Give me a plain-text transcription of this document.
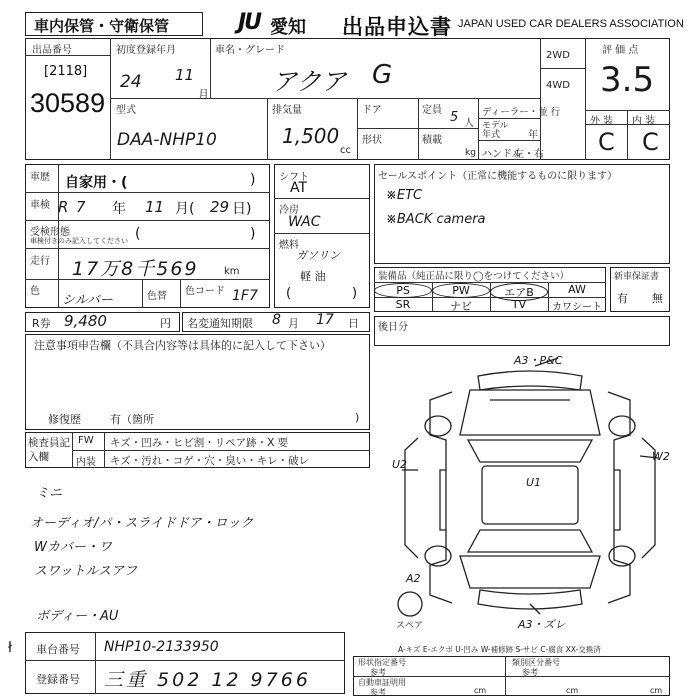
車内保管・守衛保管	JU 愛知 出品申込書 JAPAN USED CAR DEALERS ASSOCIATION
出品番号
[2118]
30589
初度登録年月
24 11
月
車名・グレード
アクア G
2WD
4WD
評 価 点
3.5
外 装 内 装
C C
型式
DAA-NHP10
排気量
1,500
cc
ドア
形状
定員 5 人
積載
kg
ディーラー・並 行
モデル年式	年
ハンドル
左・右
車歴 自家用・(	)
車検 R 7 年 11 月( 29 日)
受検形態
車検付きのみ記入してください (	)
走行 17万8千569	km
色
シルバー	色替 色コード 1F7
シフト
AT
冷房
WAC
燃料
ガソリン
軽 油
(	)
セールスポイント（正常に機能するものに限ります）
※ETC
※BACK camera
装備品（純正品に限り◯をつけてください）
PS	PW	エアB	AW
SR	ナビ	TV	カワシート
新車保証書
有 無
R券 9,480	円 名変通知期限 8 月 17 日 後日分
注意事項申告欄（不具合内容等は具体的に記入して下さい）
修復歴	有（箇所	)
検査員記入欄
FW キズ・凹み・ヒビ割・リペア跡・X 要
内装 キズ・汚れ・コゲ・穴・臭い・キレ・破レ
ミニ
オーディオ/パ・スライドドア・ロック
Wカバー・ワ
スワットルスアフ
ボディー・AU
A3・P&C
W2
U2
U1
A2
A3・ズレ
スペア
A-キズ E-エクボ U-凹み W-補修跡 S-サビ C-腐食 XX-交換済
ł 車台番号 NHP10-2133950
登録番号 三重 502 12 9766
形状指定番号
参考
類別区分番号
参考
自動車証明用
参考	cm	cm	cm
